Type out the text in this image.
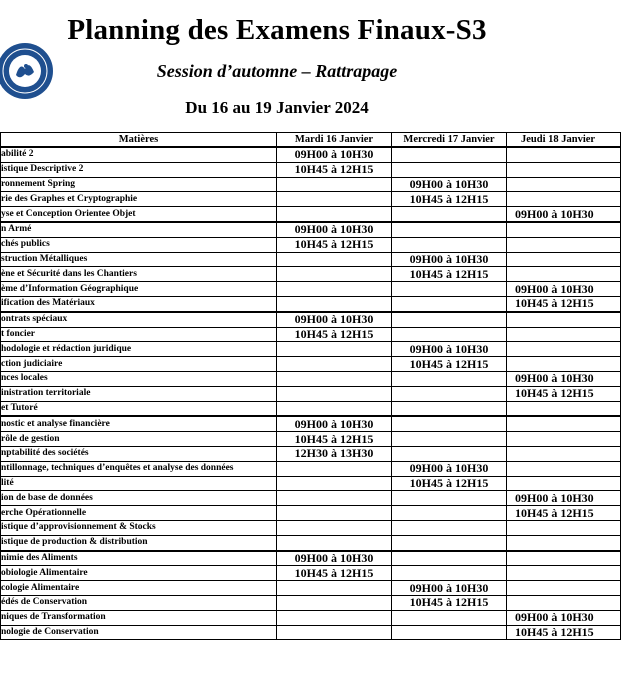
Planning des Examens Finaux-S3
Session d’automne – Rattrapage
Du 16 au 19 Janvier 2024
Matières	Mardi 16 Janvier	Mercredi 17 Janvier	Jeudi 18 Janvier
abilité 2	09H00 à 10H30		
istique Descriptive 2	10H45 à 12H15		
ronnement Spring		09H00 à 10H30	
rie des Graphes et Cryptographie		10H45 à 12H15	
yse et Conception Orientee Objet			09H00 à 10H30
n Armé	09H00 à 10H30		
chés publics	10H45 à 12H15		
struction Métalliques		09H00 à 10H30	
ène et Sécurité dans les Chantiers		10H45 à 12H15	
ème d’Information Géographique			09H00 à 10H30
ification des Matériaux			10H45 à 12H15
ontrats spéciaux	09H00 à 10H30		
t foncier	10H45 à 12H15		
hodologie et rédaction juridique		09H00 à 10H30	
ction judiciaire		10H45 à 12H15	
nces locales			09H00 à 10H30
inistration territoriale			10H45 à 12H15
et Tutoré			
nostic et analyse financière	09H00 à 10H30		
rôle de gestion	10H45 à 12H15		
nptabilité des sociétés	12H30 à 13H30		
ntillonnage, techniques d’enquêtes et analyse des données		09H00 à 10H30	
lité		10H45 à 12H15	
ion de base de données			09H00 à 10H30
erche Opérationnelle			10H45 à 12H15
istique d’approvisionnement & Stocks			
istique de production & distribution			
nimie des Aliments	09H00 à 10H30		
obiologie Alimentaire	10H45 à 12H15		
cologie Alimentaire		09H00 à 10H30	
édés de Conservation		10H45 à 12H15	
niques de Transformation			09H00 à 10H30
nologie de Conservation			10H45 à 12H15
